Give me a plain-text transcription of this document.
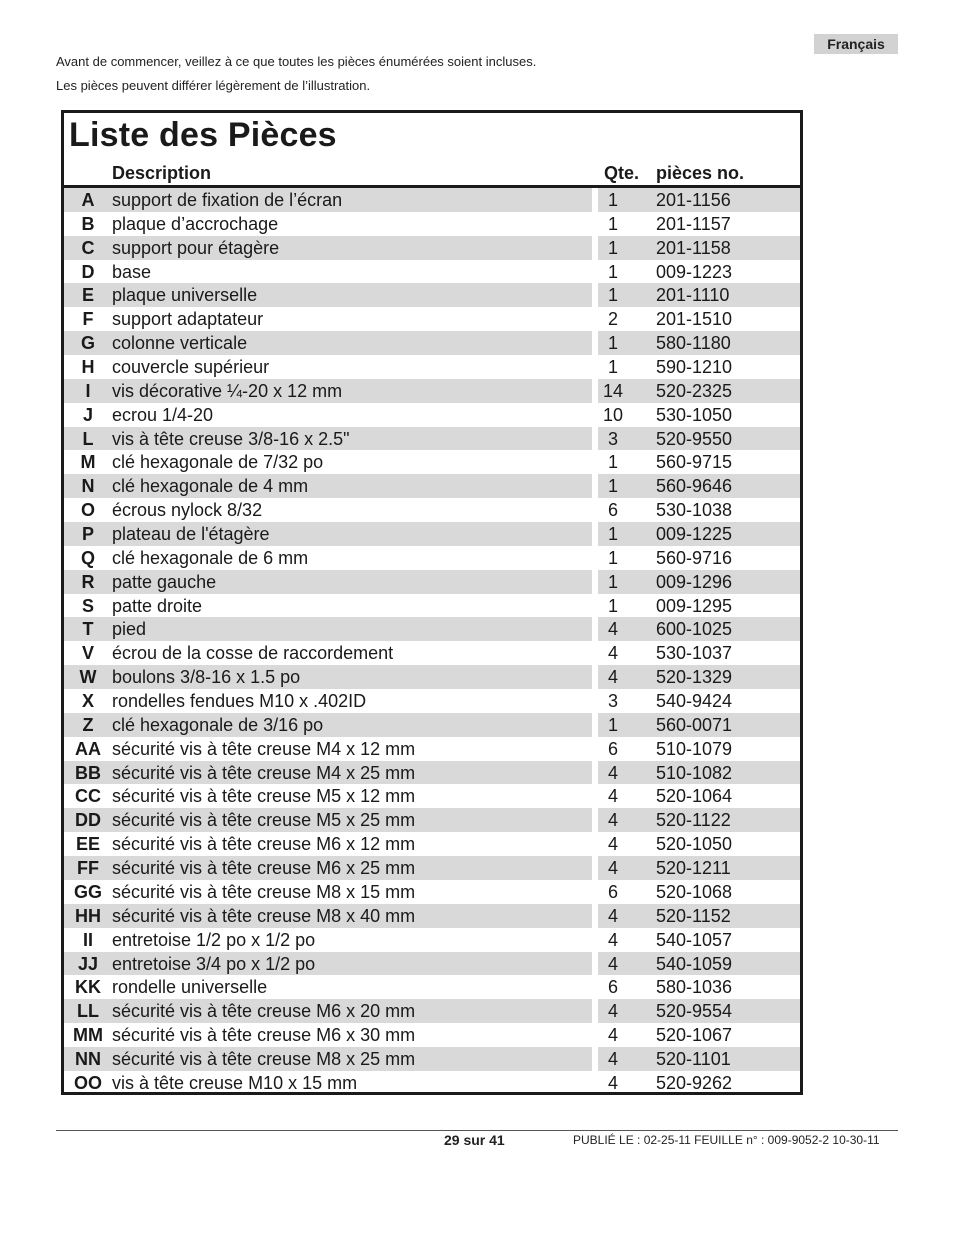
Français
Avant de commencer, veillez à ce que toutes les pièces énumérées soient incluses.
Les pièces peuvent différer légèrement de l’illustration.
Liste des Pièces
Description	Qte. pièces no.
A support de fixation de l’écran	1	201-1156
B plaque d’accrochage	1	201-1157
C support pour étagère	1	201-1158
D base	1	009-1223
E	plaque universelle	1	201-1110
F	support adaptateur	2	201-1510
G colonne verticale	1	580-1180
H couvercle supérieur	1	590-1210
I	vis décorative ¼-20 x 12 mm	14	520-2325
J	ecrou 1/4-20	10	530-1050
L	vis à tête creuse 3/8-16 x 2.5"	3	520-9550
M clé hexagonale de 7/32 po	1	560-9715
N clé hexagonale de 4 mm	1	560-9646
O écrous nylock 8/32	6	530-1038
P	plateau de l'étagère	1	009-1225
Q clé hexagonale de 6 mm	1	560-9716
R patte gauche	1	009-1296
S	patte droite	1	009-1295
T	pied	4	600-1025
V	écrou de la cosse de raccordement	4	530-1037
W boulons 3/8-16 x 1.5 po	4	520-1329
X	rondelles fendues M10 x .402ID	3	540-9424
Z	clé hexagonale de 3/16 po	1	560-0071
AA sécurité vis à tête creuse M4 x 12 mm	6	510-1079
BB sécurité vis à tête creuse M4 x 25 mm	4	510-1082
CC sécurité vis à tête creuse M5 x 12 mm	4	520-1064
DD sécurité vis à tête creuse M5 x 25 mm	4	520-1122
EE sécurité vis à tête creuse M6 x 12 mm	4	520-1050
FF sécurité vis à tête creuse M6 x 25 mm	4	520-1211
GG sécurité vis à tête creuse M8 x 15 mm	6	520-1068
HH sécurité vis à tête creuse M8 x 40 mm	4	520-1152
II	entretoise 1/2 po x 1/2 po	4	540-1057
JJ entretoise 3/4 po x 1/2 po	4	540-1059
KK rondelle universelle	6	580-1036
LL sécurité vis à tête creuse M6 x 20 mm	4	520-9554
MM sécurité vis à tête creuse M6 x 30 mm	4	520-1067
NN sécurité vis à tête creuse M8 x 25 mm	4	520-1101
OO vis à tête creuse M10 x 15 mm	4	520-9262
29 sur 41	PUBLIÉ LE : 02-25-11 FEUILLE n° : 009-9052-2 10-30-11
